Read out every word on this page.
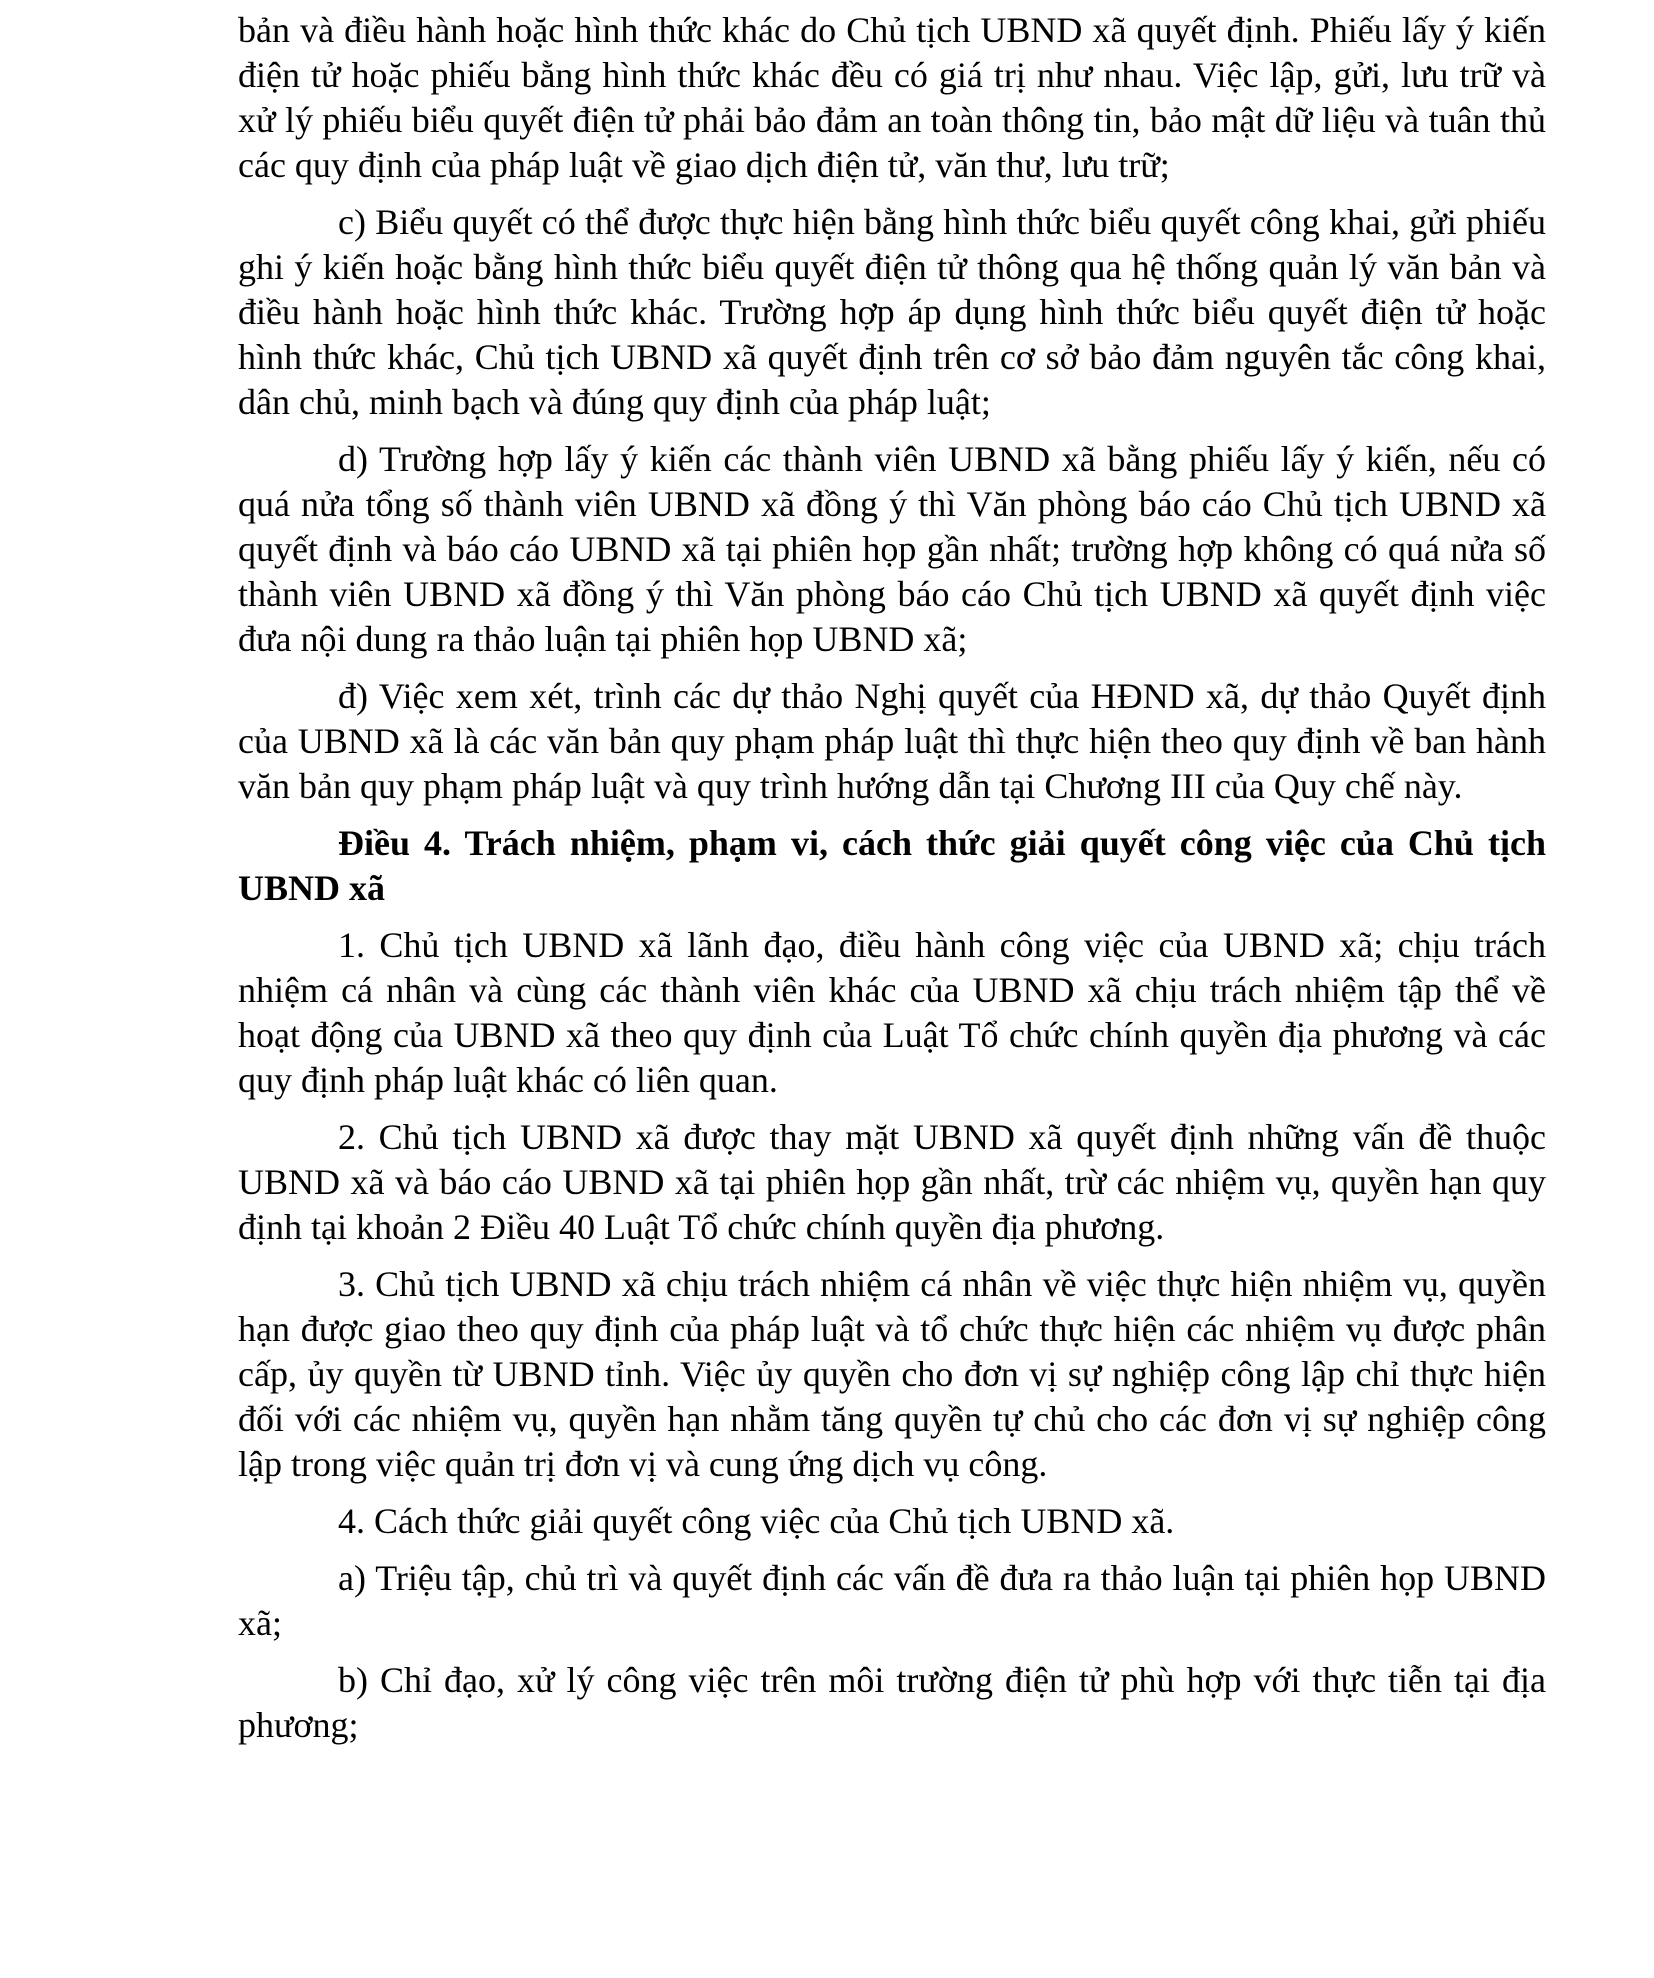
bản và điều hành hoặc hình thức khác do Chủ tịch UBND xã quyết định. Phiếu lấy ý kiến điện tử hoặc phiếu bằng hình thức khác đều có giá trị như nhau. Việc lập, gửi, lưu trữ và xử lý phiếu biểu quyết điện tử phải bảo đảm an toàn thông tin, bảo mật dữ liệu và tuân thủ các quy định của pháp luật về giao dịch điện tử, văn thư, lưu trữ;

c) Biểu quyết có thể được thực hiện bằng hình thức biểu quyết công khai, gửi phiếu ghi ý kiến hoặc bằng hình thức biểu quyết điện tử thông qua hệ thống quản lý văn bản và điều hành hoặc hình thức khác. Trường hợp áp dụng hình thức biểu quyết điện tử hoặc hình thức khác, Chủ tịch UBND xã quyết định trên cơ sở bảo đảm nguyên tắc công khai, dân chủ, minh bạch và đúng quy định của pháp luật;

d) Trường hợp lấy ý kiến các thành viên UBND xã bằng phiếu lấy ý kiến, nếu có quá nửa tổng số thành viên UBND xã đồng ý thì Văn phòng báo cáo Chủ tịch UBND xã quyết định và báo cáo UBND xã tại phiên họp gần nhất; trường hợp không có quá nửa số thành viên UBND xã đồng ý thì Văn phòng báo cáo Chủ tịch UBND xã quyết định việc đưa nội dung ra thảo luận tại phiên họp UBND xã;

đ) Việc xem xét, trình các dự thảo Nghị quyết của HĐND xã, dự thảo Quyết định của UBND xã là các văn bản quy phạm pháp luật thì thực hiện theo quy định về ban hành văn bản quy phạm pháp luật và quy trình hướng dẫn tại Chương III của Quy chế này.

Điều 4. Trách nhiệm, phạm vi, cách thức giải quyết công việc của Chủ tịch UBND xã

1. Chủ tịch UBND xã lãnh đạo, điều hành công việc của UBND xã; chịu trách nhiệm cá nhân và cùng các thành viên khác của UBND xã chịu trách nhiệm tập thể về hoạt động của UBND xã theo quy định của Luật Tổ chức chính quyền địa phương và các quy định pháp luật khác có liên quan.

2. Chủ tịch UBND xã được thay mặt UBND xã quyết định những vấn đề thuộc UBND xã và báo cáo UBND xã tại phiên họp gần nhất, trừ các nhiệm vụ, quyền hạn quy định tại khoản 2 Điều 40 Luật Tổ chức chính quyền địa phương.

3. Chủ tịch UBND xã chịu trách nhiệm cá nhân về việc thực hiện nhiệm vụ, quyền hạn được giao theo quy định của pháp luật và tổ chức thực hiện các nhiệm vụ được phân cấp, ủy quyền từ UBND tỉnh. Việc ủy quyền cho đơn vị sự nghiệp công lập chỉ thực hiện đối với các nhiệm vụ, quyền hạn nhằm tăng quyền tự chủ cho các đơn vị sự nghiệp công lập trong việc quản trị đơn vị và cung ứng dịch vụ công.

4. Cách thức giải quyết công việc của Chủ tịch UBND xã.

a) Triệu tập, chủ trì và quyết định các vấn đề đưa ra thảo luận tại phiên họp UBND xã;

b) Chỉ đạo, xử lý công việc trên môi trường điện tử phù hợp với thực tiễn tại địa phương;
